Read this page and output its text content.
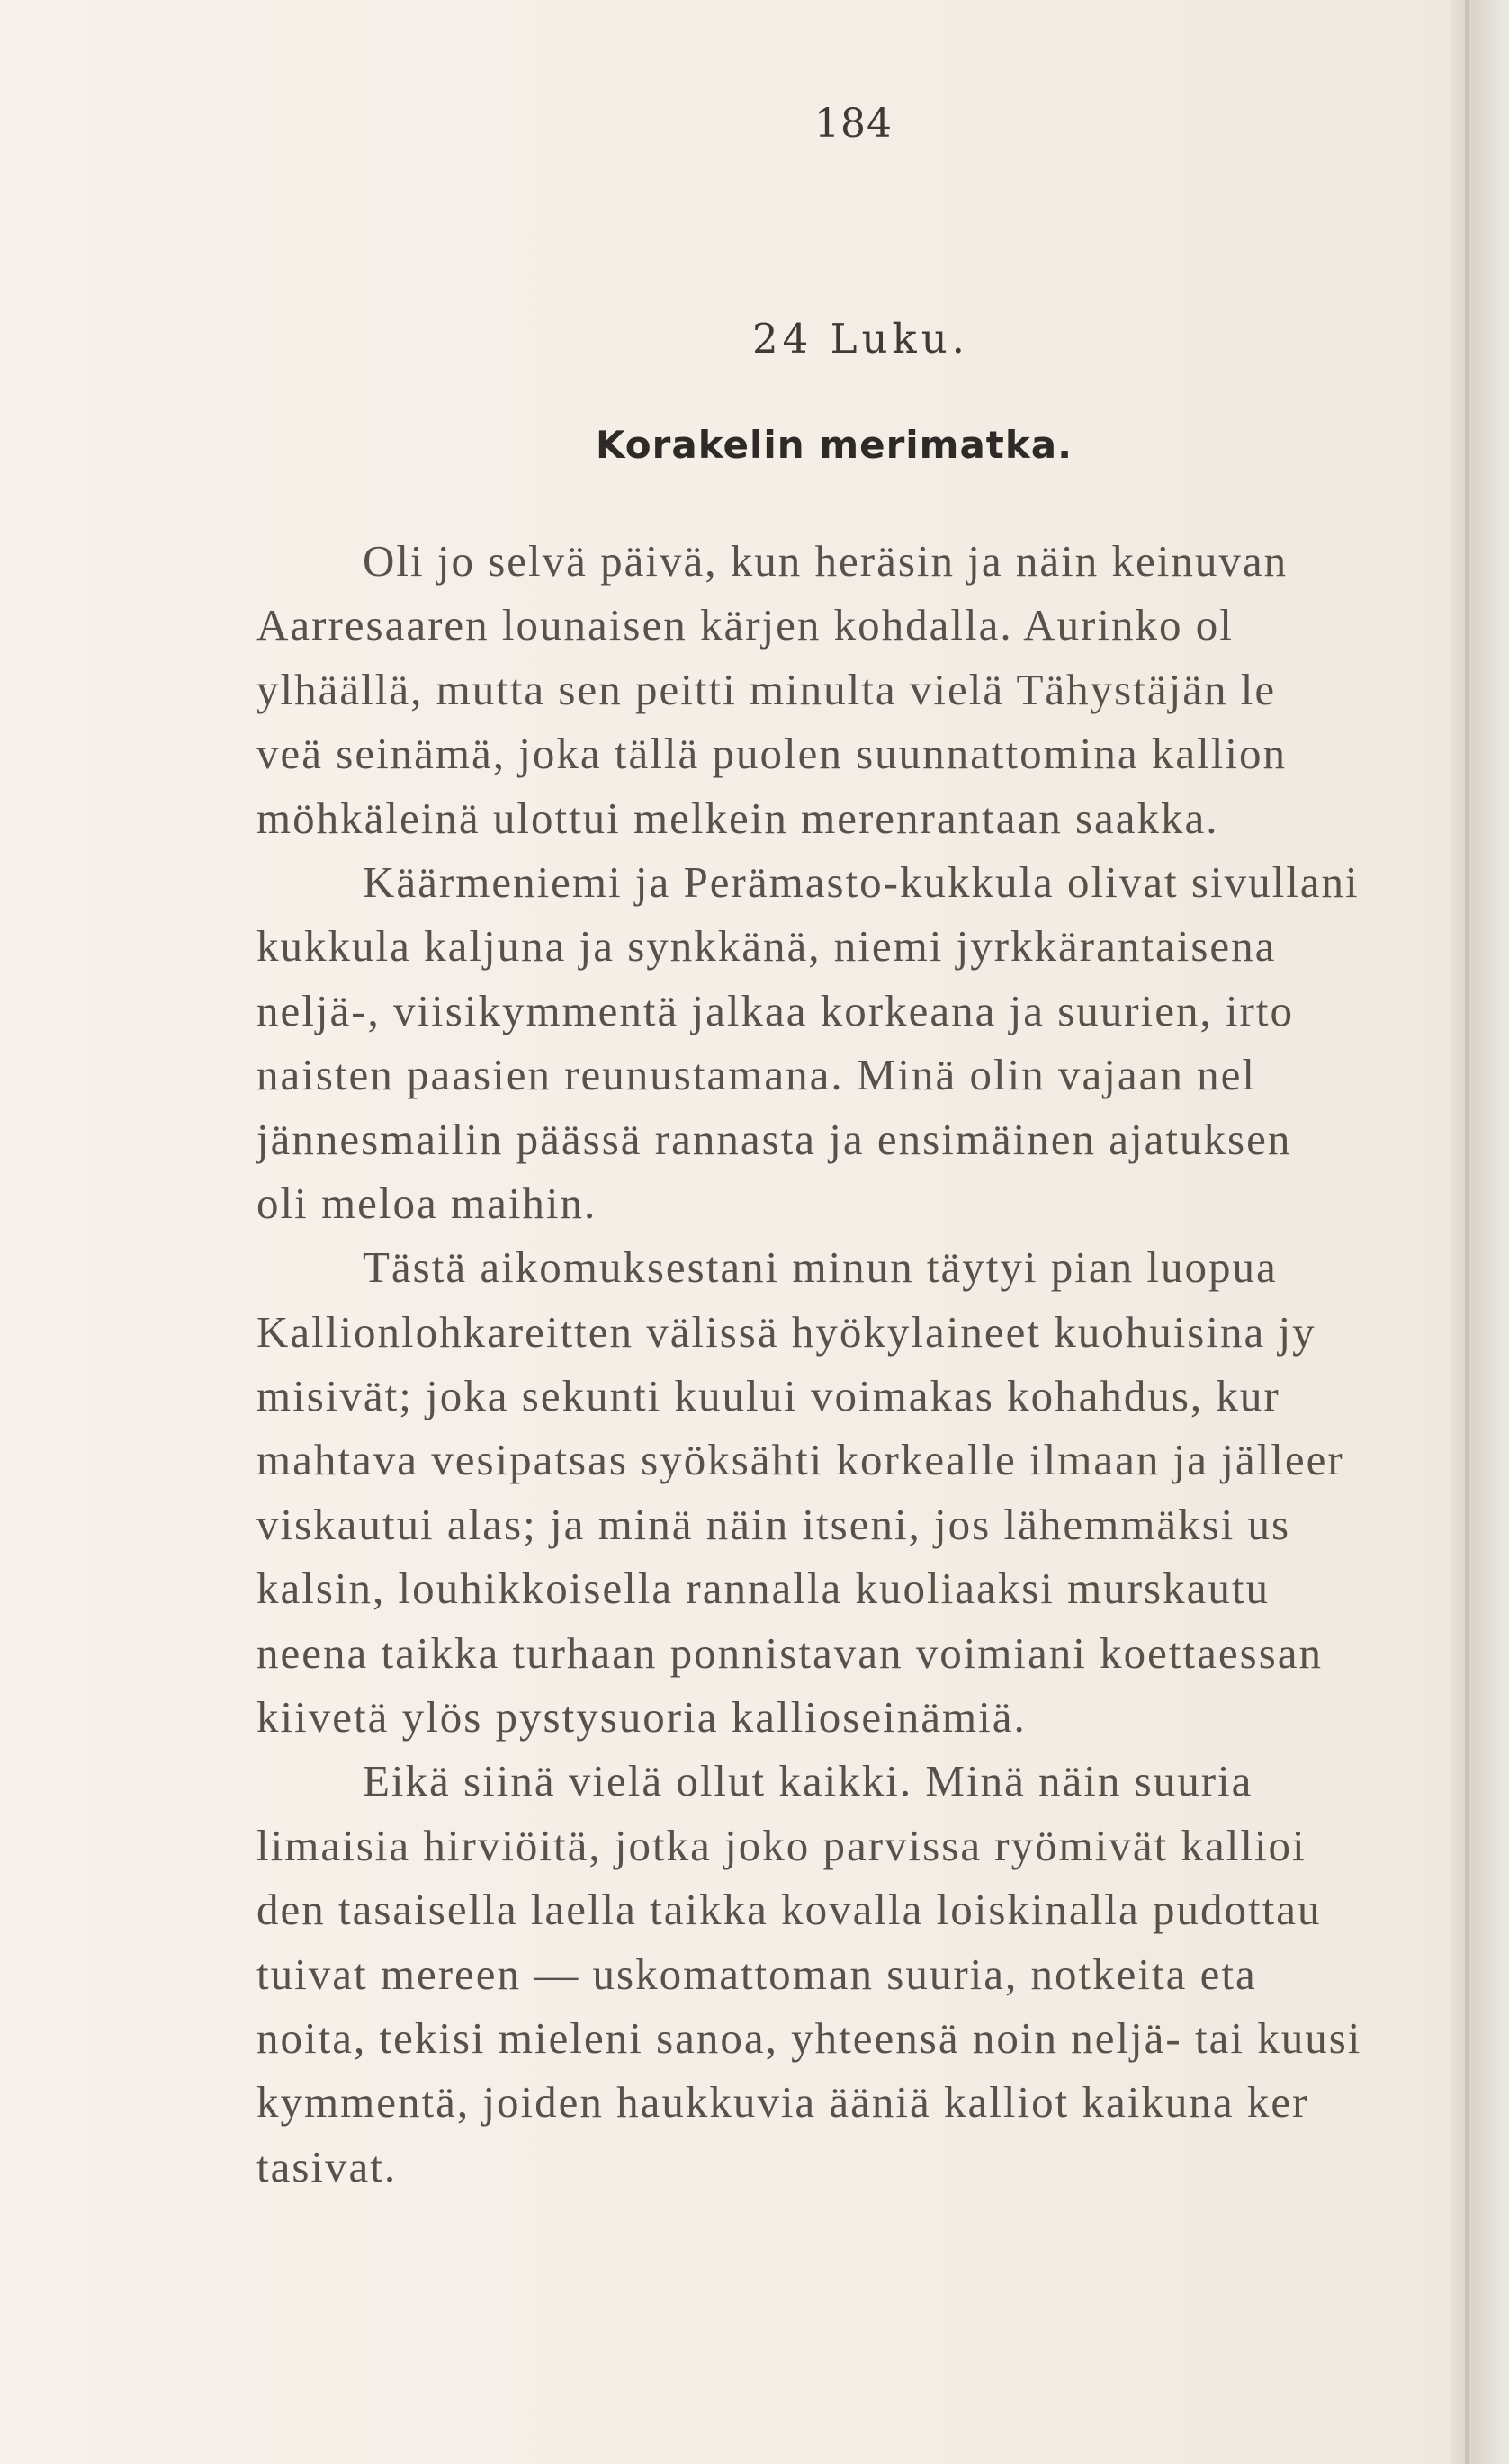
184
24 Luku.
Korakelin merimatka.
Oli jo selvä päivä, kun heräsin ja näin keinuvan
Aarresaaren lounaisen kärjen kohdalla. Aurinko ol
ylhäällä, mutta sen peitti minulta vielä Tähystäjän le
veä seinämä, joka tällä puolen suunnattomina kallion
möhkäleinä ulottui melkein merenrantaan saakka.
Käärmeniemi ja Perämasto-kukkula olivat sivullani
kukkula kaljuna ja synkkänä, niemi jyrkkärantaisena
neljä-, viisikymmentä jalkaa korkeana ja suurien, irto
naisten paasien reunustamana. Minä olin vajaan nel
jännesmailin päässä rannasta ja ensimäinen ajatuksen
oli meloa maihin.
Tästä aikomuksestani minun täytyi pian luopua
Kallionlohkareitten välissä hyökylaineet kuohuisina jy
misivät; joka sekunti kuului voimakas kohahdus, kur
mahtava vesipatsas syöksähti korkealle ilmaan ja jälleer
viskautui alas; ja minä näin itseni, jos lähemmäksi us
kalsin, louhikkoisella rannalla kuoliaaksi murskautu
neena taikka turhaan ponnistavan voimiani koettaessan
kiivetä ylös pystysuoria kallioseinämiä.
Eikä siinä vielä ollut kaikki. Minä näin suuria
limaisia hirviöitä, jotka joko parvissa ryömivät kallioi
den tasaisella laella taikka kovalla loiskinalla pudottau
tuivat mereen — uskomattoman suuria, notkeita eta
noita, tekisi mieleni sanoa, yhteensä noin neljä- tai kuusi
kymmentä, joiden haukkuvia ääniä kalliot kaikuna ker
tasivat.
